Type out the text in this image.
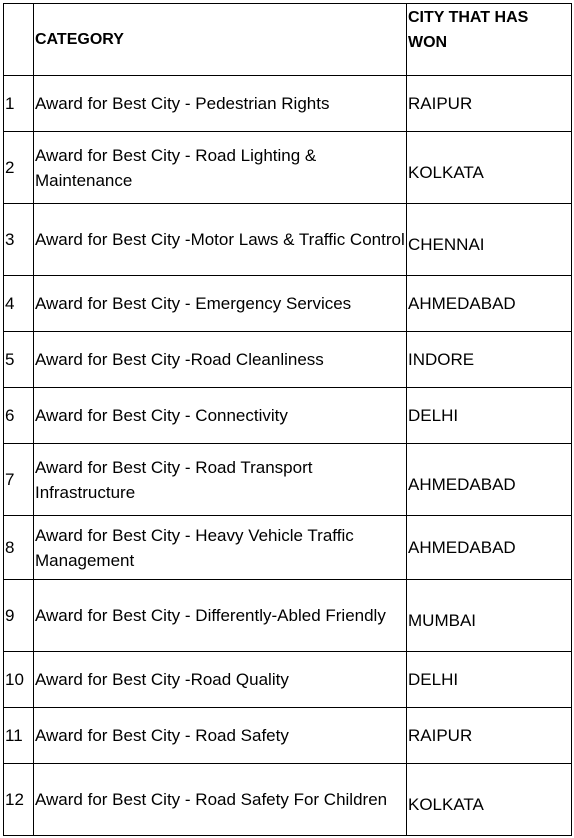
	CATEGORY	CITY THAT HAS WON
1	Award for Best City - Pedestrian Rights	RAIPUR
2	Award for Best City - Road Lighting & Maintenance	KOLKATA
3	Award for Best City -Motor Laws & Traffic Control	CHENNAI
4	Award for Best City - Emergency Services	AHMEDABAD
5	Award for Best City -Road Cleanliness	INDORE
6	Award for Best City - Connectivity	DELHI
7	Award for Best City - Road Transport Infrastructure	AHMEDABAD
8	Award for Best City - Heavy Vehicle Traffic Management	AHMEDABAD
9	Award for Best City - Differently-Abled Friendly	MUMBAI
10	Award for Best City -Road Quality	DELHI
11	Award for Best City - Road Safety	RAIPUR
12	Award for Best City - Road Safety For Children	KOLKATA
